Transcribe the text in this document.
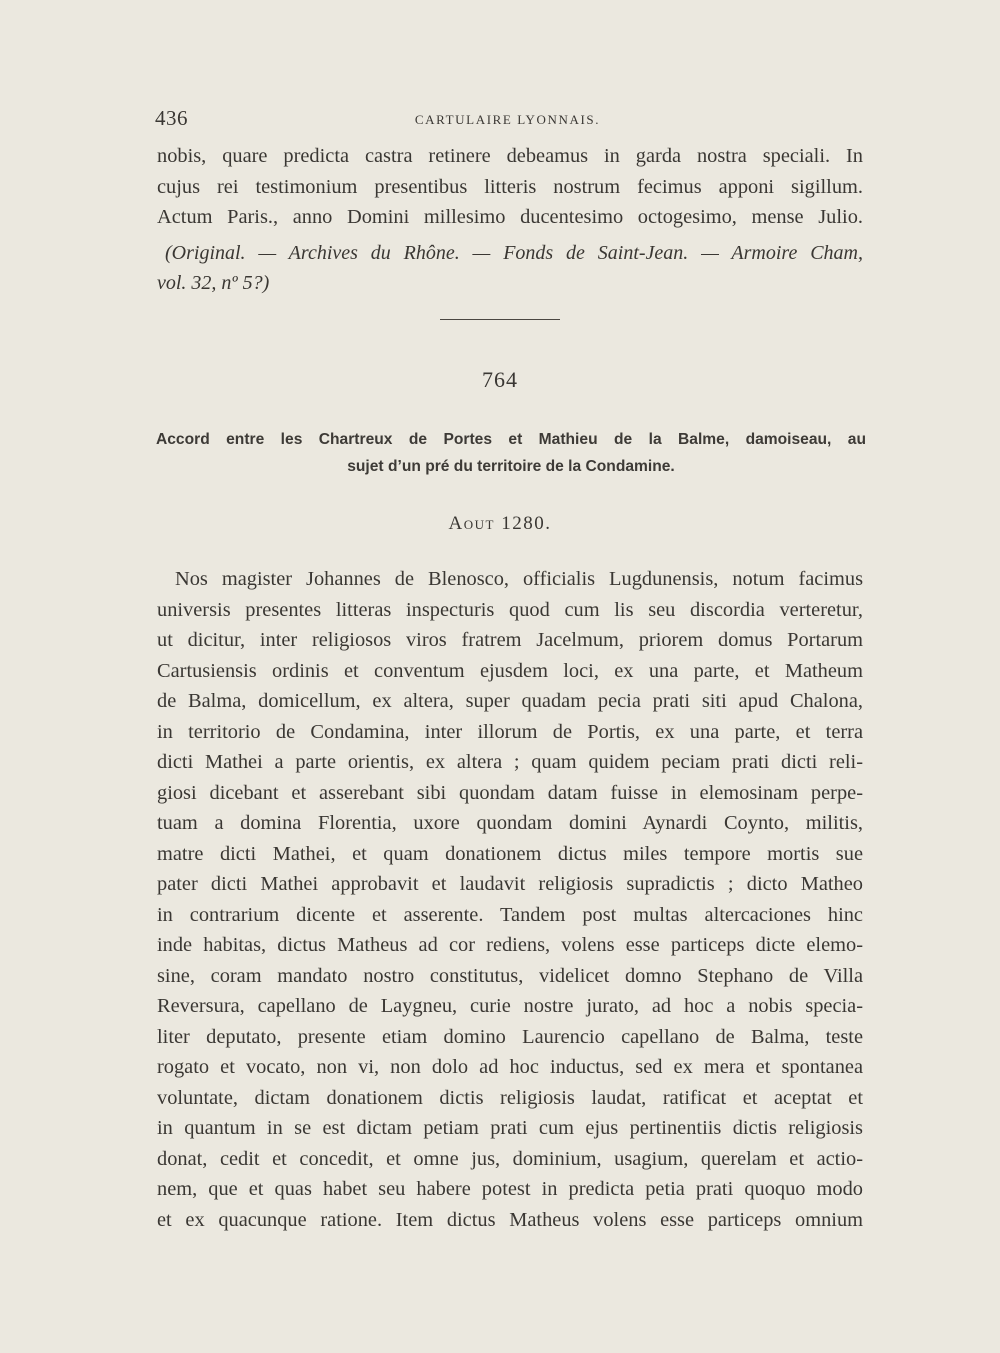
436	CARTULAIRE LYONNAIS.
nobis, quare predicta castra retinere debeamus in garda nostra speciali. In
cujus rei testimonium presentibus litteris nostrum fecimus apponi sigillum.
Actum Paris., anno Domini millesimo ducentesimo octogesimo, mense Julio.
(Original. — Archives du Rhône. — Fonds de Saint-Jean. — Armoire Cham,
vol. 32, nº 5?)
764
Accord entre les Chartreux de Portes et Mathieu de la Balme, damoiseau, au
sujet d’un pré du territoire de la Condamine.
Aout 1280.
Nos magister Johannes de Blenosco, officialis Lugdunensis, notum facimus
universis presentes litteras inspecturis quod cum lis seu discordia verteretur,
ut dicitur, inter religiosos viros fratrem Jacelmum, priorem domus Portarum
Cartusiensis ordinis et conventum ejusdem loci, ex una parte, et Matheum
de Balma, domicellum, ex altera, super quadam pecia prati siti apud Chalona,
in territorio de Condamina, inter illorum de Portis, ex una parte, et terra
dicti Mathei a parte orientis, ex altera ; quam quidem peciam prati dicti reli-
giosi dicebant et asserebant sibi quondam datam fuisse in elemosinam perpe-
tuam a domina Florentia, uxore quondam domini Aynardi Coynto, militis,
matre dicti Mathei, et quam donationem dictus miles tempore mortis sue
pater dicti Mathei approbavit et laudavit religiosis supradictis ; dicto Matheo
in contrarium dicente et asserente. Tandem post multas altercaciones hinc
inde habitas, dictus Matheus ad cor rediens, volens esse particeps dicte elemo-
sine, coram mandato nostro constitutus, videlicet domno Stephano de Villa
Reversura, capellano de Laygneu, curie nostre jurato, ad hoc a nobis specia-
liter deputato, presente etiam domino Laurencio capellano de Balma, teste
rogato et vocato, non vi, non dolo ad hoc inductus, sed ex mera et spontanea
voluntate, dictam donationem dictis religiosis laudat, ratificat et aceptat et
in quantum in se est dictam petiam prati cum ejus pertinentiis dictis religiosis
donat, cedit et concedit, et omne jus, dominium, usagium, querelam et actio-
nem, que et quas habet seu habere potest in predicta petia prati quoquo modo
et ex quacunque ratione. Item dictus Matheus volens esse particeps omnium
